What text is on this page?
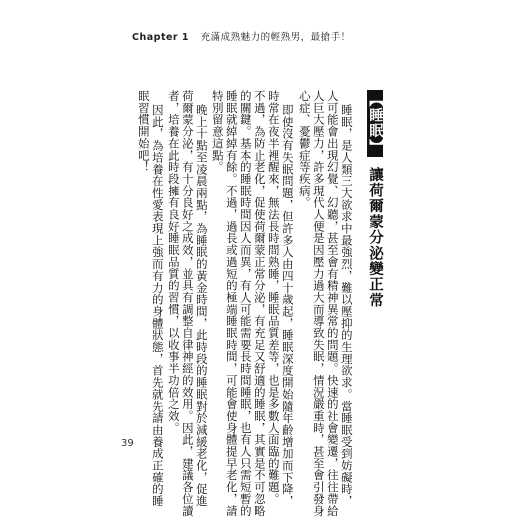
Chapter 1 充滿成熟魅力的輕熟男，最搶手！
【睡眠】 讓荷爾蒙分泌變正常
睡眠，是人類三大欲求中最強烈，難以壓抑的生理欲求。當睡眠受到妨礙時，
人可能會出現幻覺、幻聽，甚至會有精神異常的問題。快速的社會變遷，往往帶給
人巨大壓力，許多現代人便是因壓力過大而導致失眠，情況嚴重時，甚至會引發身
心症、憂鬱症等疾病。
即使沒有失眠問題，但許多人由四十歲起，睡眠深度開始隨年齡增加而下降，
時常在夜半裡醒來，無法長時間熟睡，睡眠品質差等，也是多數人面臨的難題。
不過，為防止老化，促使荷爾蒙正常分泌，有充足又舒適的睡眠，其實是不可忽略
的關鍵。基本的睡眠時間因人而異，有人可能需要長時間睡眠，也有人只需短暫的
睡眠就綽綽有餘。不過，過長或過短的極端睡眠時間，可能會使身體提早老化，請
特別留意這點。
晚上十點至凌晨兩點，為睡眠的黃金時間，此時段的睡眠對於減緩老化，促進
荷爾蒙分泌，有十分良好之成效，並具有調整自律神經的效用。因此，建議各位讀
者，培養在此時段擁有良好睡眠品質的習慣，以收事半功倍之效。
因此，為培養在性愛表現上強而有力的身體狀態，首先就先請由養成正確的睡
眠習慣開始吧！
39
